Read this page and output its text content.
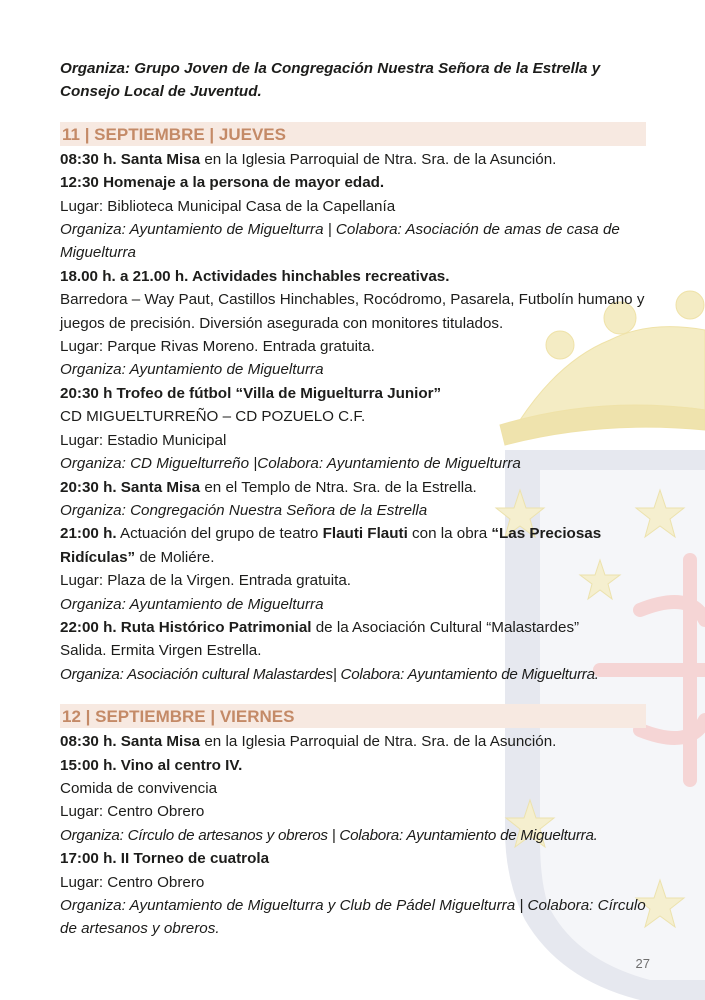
Organiza: Grupo Joven de la Congregación Nuestra Señora de la Estrella y Consejo Local de Juventud.

11 | SEPTIEMBRE | JUEVES

08:30 h. Santa Misa en la Iglesia Parroquial de Ntra. Sra. de la Asunción.

12:30 Homenaje a la persona de mayor edad.

Lugar: Biblioteca Municipal Casa de la Capellanía

Organiza: Ayuntamiento de Miguelturra | Colabora: Asociación de amas de casa de Miguelturra

18.00 h. a 21.00 h. Actividades hinchables recreativas.

Barredora – Way Paut, Castillos Hinchables, Rocódromo, Pasarela, Futbolín humano y juegos de precisión. Diversión asegurada con monitores titulados.

Lugar: Parque Rivas Moreno. Entrada gratuita.

Organiza: Ayuntamiento de Miguelturra

20:30 h Trofeo de fútbol “Villa de Miguelturra Junior”

CD MIGUELTURREÑO – CD POZUELO C.F.

Lugar: Estadio Municipal

Organiza: CD Miguelturreño |Colabora: Ayuntamiento de Miguelturra

20:30 h. Santa Misa en el Templo de Ntra. Sra. de la Estrella.

Organiza: Congregación Nuestra Señora de la Estrella

21:00 h. Actuación del grupo de teatro Flauti Flauti con la obra “Las Preciosas Ridículas” de Moliére.

Lugar: Plaza de la Virgen. Entrada gratuita.

Organiza: Ayuntamiento de Miguelturra

22:00 h. Ruta Histórico Patrimonial de la Asociación Cultural “Malastardes”

Salida. Ermita Virgen Estrella.

Organiza: Asociación cultural Malastardes| Colabora: Ayuntamiento de Miguelturra.

12 | SEPTIEMBRE | VIERNES

08:30 h. Santa Misa en la Iglesia Parroquial de Ntra. Sra. de la Asunción.

15:00 h. Vino al centro IV.

Comida de convivencia

Lugar: Centro Obrero

Organiza: Círculo de artesanos y obreros | Colabora: Ayuntamiento de Miguelturra.

17:00 h. II Torneo de cuatrola

Lugar: Centro Obrero

Organiza: Ayuntamiento de Miguelturra y Club de Pádel Miguelturra | Colabora: Círculo de artesanos y obreros.

27
